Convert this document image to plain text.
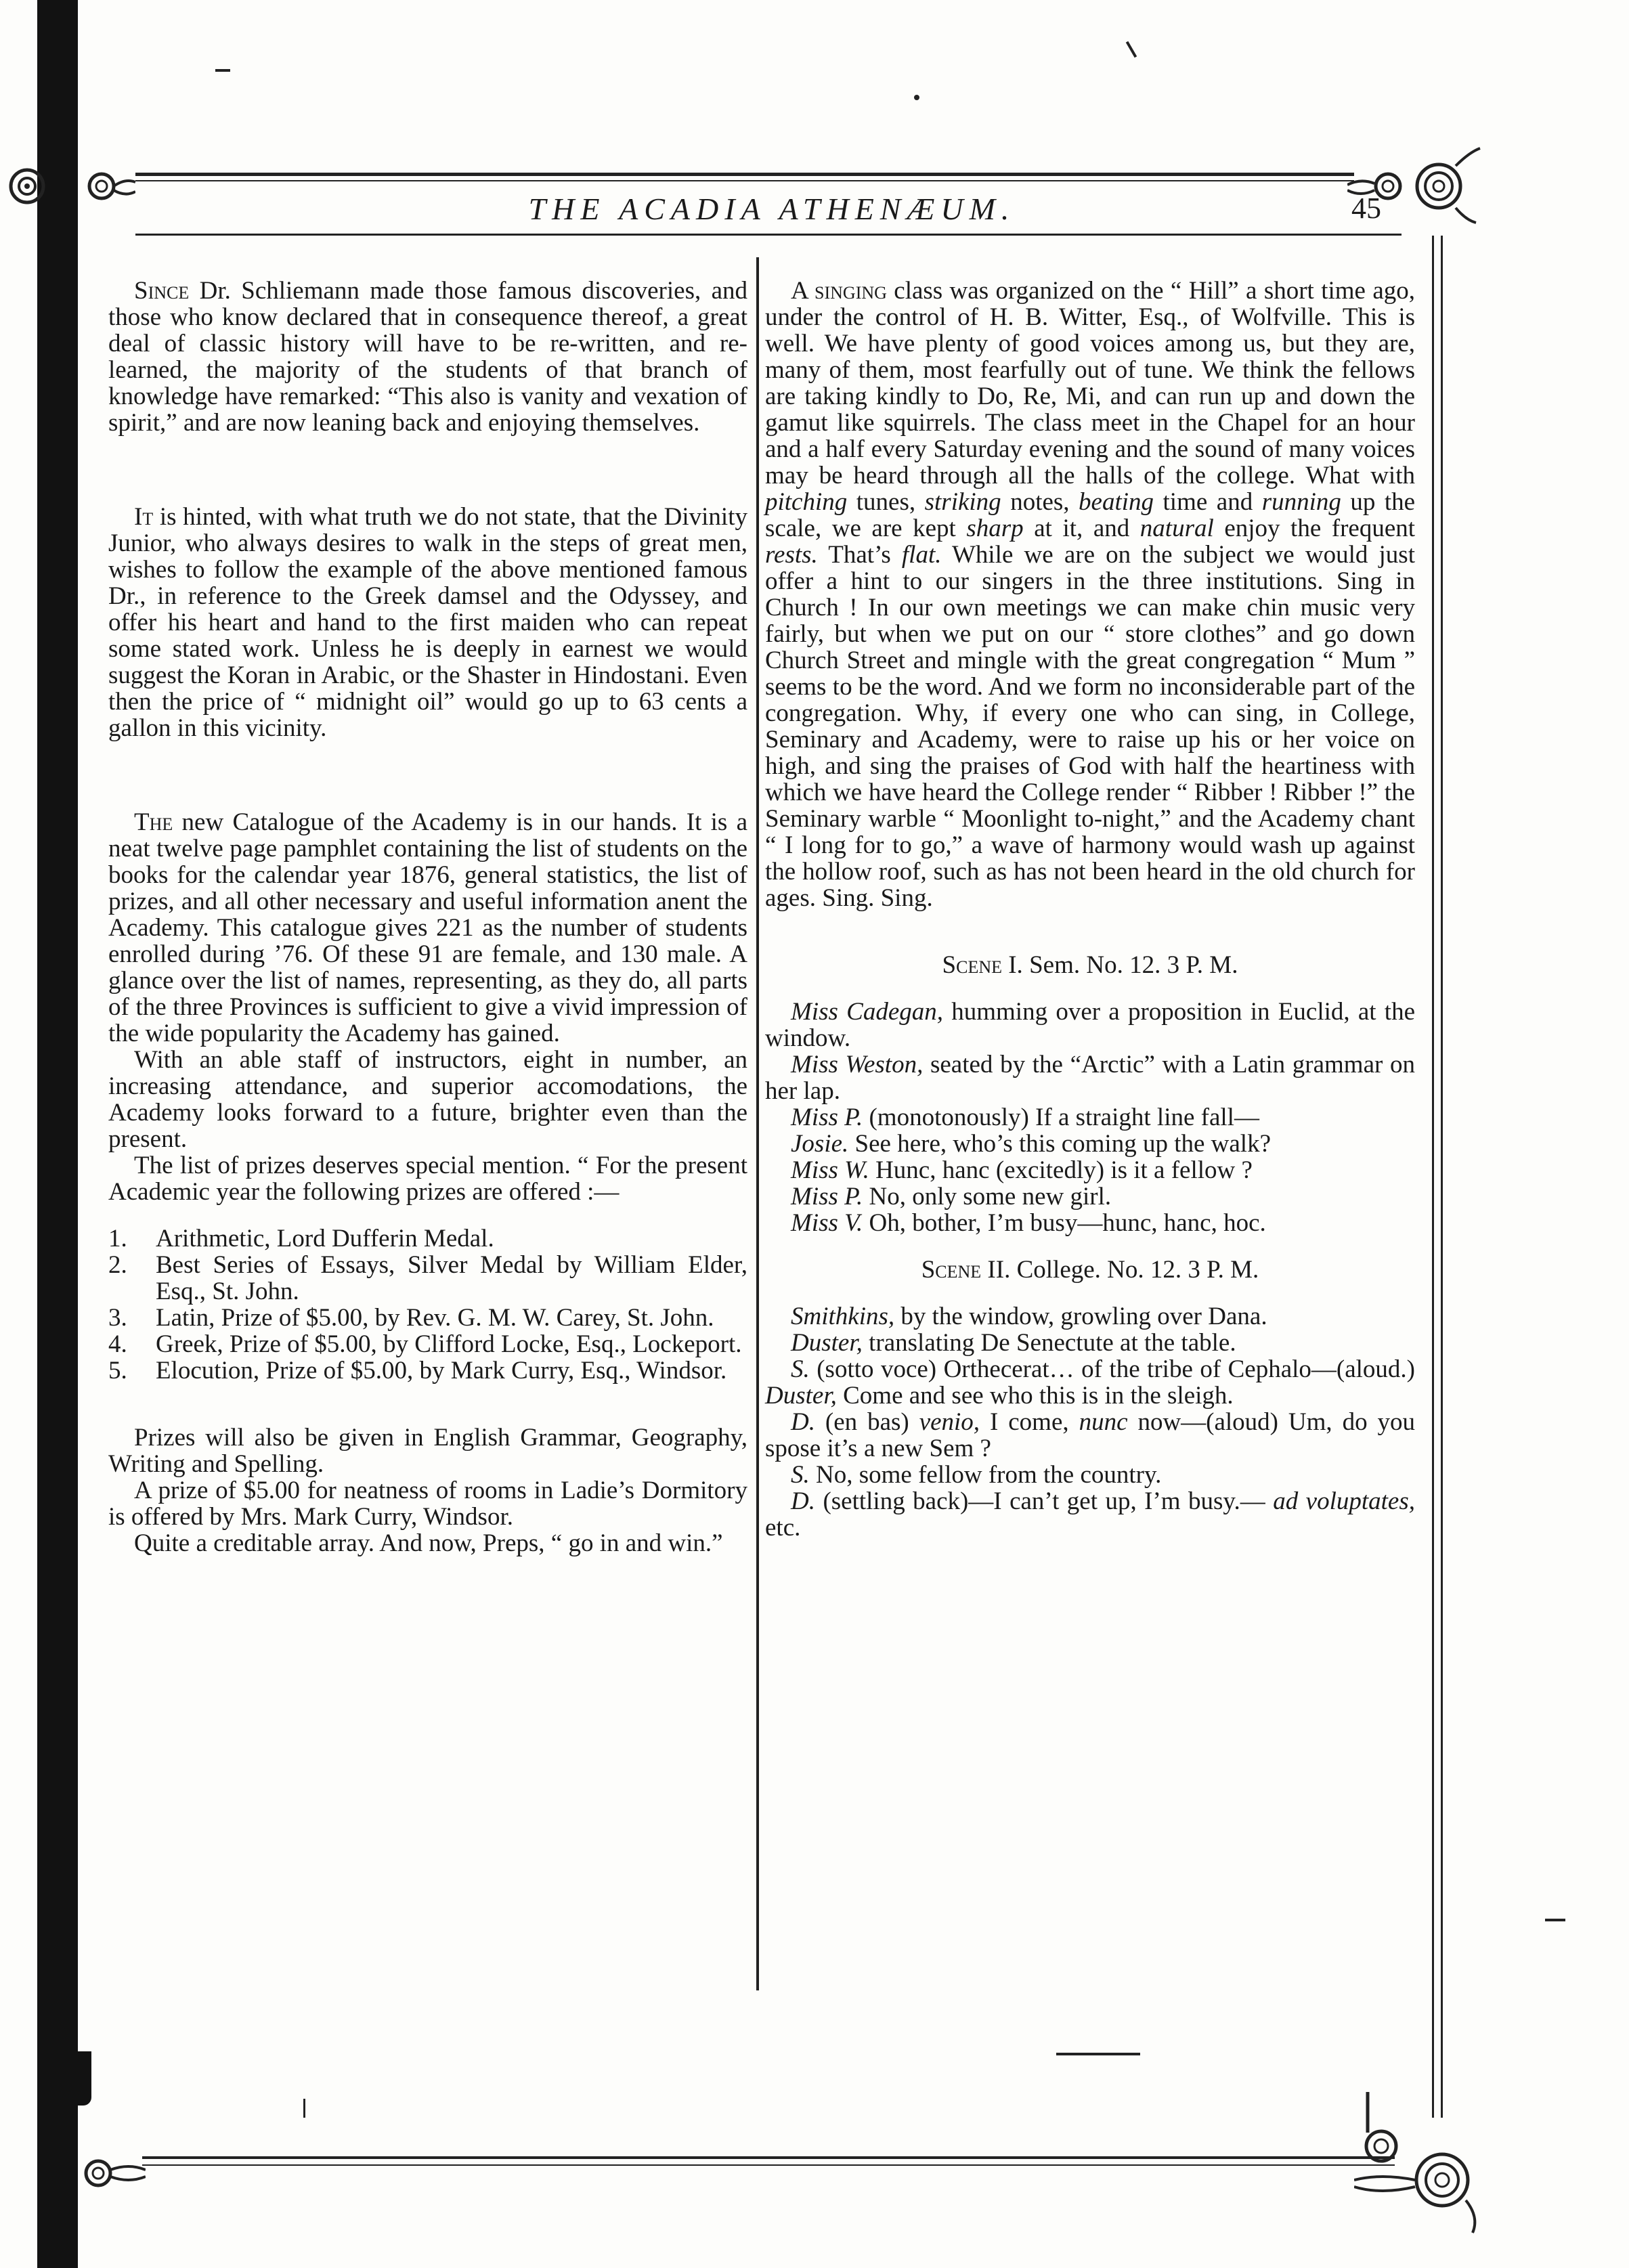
THE ACADIA ATHENÆUM.	45

Since Dr. Schliemann made those famous discoveries, and those who know declared that in consequence thereof, a great deal of classic history will have to be re-written, and re-learned, the majority of the students of that branch of knowledge have remarked: “This also is vanity and vexation of spirit,” and are now leaning back and enjoying themselves.

It is hinted, with what truth we do not state, that the Divinity Junior, who always desires to walk in the steps of great men, wishes to follow the example of the above mentioned famous Dr., in reference to the Greek damsel and the Odyssey, and offer his heart and hand to the first maiden who can repeat some stated work. Unless he is deeply in earnest we would suggest the Koran in Arabic, or the Shaster in Hindostani. Even then the price of “ midnight oil” would go up to 63 cents a gallon in this vicinity.

The new Catalogue of the Academy is in our hands. It is a neat twelve page pamphlet containing the list of students on the books for the calendar year 1876, general statistics, the list of prizes, and all other necessary and useful information anent the Academy. This catalogue gives 221 as the number of students enrolled during ’76. Of these 91 are female, and 130 male. A glance over the list of names, representing, as they do, all parts of the three Provinces is sufficient to give a vivid impression of the wide popularity the Academy has gained.

With an able staff of instructors, eight in number, an increasing attendance, and superior accomodations, the Academy looks forward to a future, brighter even than the present.

The list of prizes deserves special mention. “ For the present Academic year the following prizes are offered :—

1.	Arithmetic, Lord Dufferin Medal.
2.	Best Series of Essays, Silver Medal by William Elder, Esq., St. John.
3.	Latin, Prize of $5.00, by Rev. G. M. W. Carey, St. John.
4.	Greek, Prize of $5.00, by Clifford Locke, Esq., Lockeport.
5.	Elocution, Prize of $5.00, by Mark Curry, Esq., Windsor.

Prizes will also be given in English Grammar, Geography, Writing and Spelling.

A prize of $5.00 for neatness of rooms in Ladie’s Dormitory is offered by Mrs. Mark Curry, Windsor.

Quite a creditable array. And now, Preps, “ go in and win.”

A singing class was organized on the “ Hill” a short time ago, under the control of H. B. Witter, Esq., of Wolfville. This is well. We have plenty of good voices among us, but they are, many of them, most fearfully out of tune. We think the fellows are taking kindly to Do, Re, Mi, and can run up and down the gamut like squirrels. The class meet in the Chapel for an hour and a half every Saturday evening and the sound of many voices may be heard through all the halls of the college. What with pitching tunes, striking notes, beating time and running up the scale, we are kept sharp at it, and natural enjoy the frequent rests. That’s flat. While we are on the subject we would just offer a hint to our singers in the three institutions. Sing in Church ! In our own meetings we can make chin music very fairly, but when we put on our “ store clothes” and go down Church Street and mingle with the great congregation “ Mum ” seems to be the word. And we form no inconsiderable part of the congregation. Why, if every one who can sing, in College, Seminary and Academy, were to raise up his or her voice on high, and sing the praises of God with half the heartiness with which we have heard the College render “ Ribber ! Ribber !” the Seminary warble “ Moonlight to-night,” and the Academy chant “ I long for to go,” a wave of harmony would wash up against the hollow roof, such as has not been heard in the old church for ages. Sing. Sing.

Scene I. Sem. No. 12. 3 P. M.

Miss Cadegan, humming over a proposition in Euclid, at the window.

Miss Weston, seated by the “Arctic” with a Latin grammar on her lap.

Miss P. (monotonously) If a straight line fall—

Josie. See here, who’s this coming up the walk?

Miss W. Hunc, hanc (excitedly) is it a fellow ?

Miss P. No, only some new girl.

Miss V. Oh, bother, I’m busy—hunc, hanc, hoc.

Scene II. College. No. 12. 3 P. M.

Smithkins, by the window, growling over Dana.

Duster, translating De Senectute at the table.

S. (sotto voce) Orthecerat… of the tribe of Cephalo—(aloud.) Duster, Come and see who this is in the sleigh.

D. (en bas) venio, I come, nunc now—(aloud) Um, do you spose it’s a new Sem ?

S. No, some fellow from the country.

D. (settling back)—I can’t get up, I’m busy.— ad voluptates, etc.
